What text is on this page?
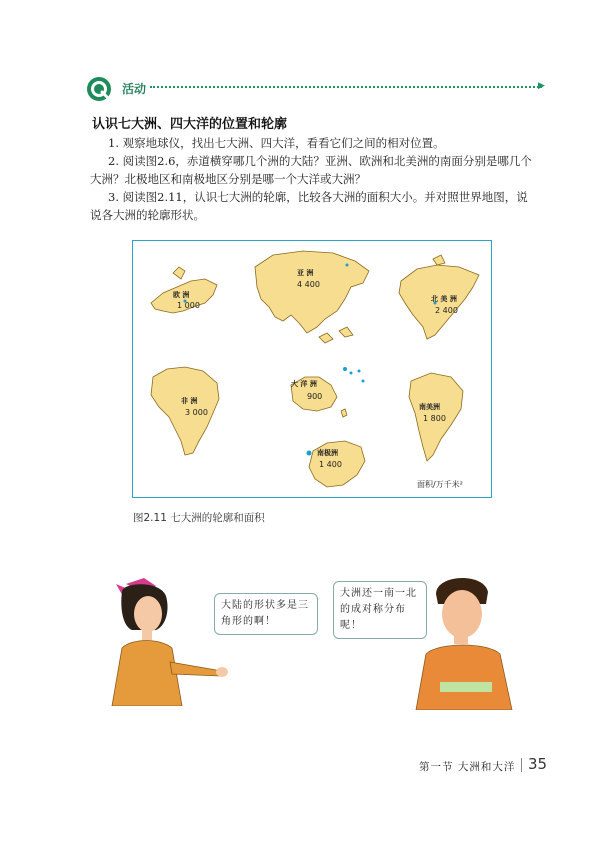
活动	▶
认识七大洲、四大洋的位置和轮廓
1. 观察地球仪，找出七大洲、四大洋，看看它们之间的相对位置。
2. 阅读图2.6，赤道横穿哪几个洲的大陆？亚洲、欧洲和北美洲的南面分别是哪几个
大洲？北极地区和南极地区分别是哪一个大洋或大洲？
3. 阅读图2.11，认识七大洲的轮廓，比较各大洲的面积大小。并对照世界地图，说
说各大洲的轮廓形状。
欧 洲
1 000
亚 洲
4 400
北 美 洲
2 400
非 洲
3 000
大 洋 洲
900
南美洲
1 800
南极洲
1 400
面积/万千米²
图2.11 七大洲的轮廓和面积
大陆的形状多是三角形的啊！
大洲还一南一北的成对称分布呢！
第一节 大洲和大洋 35
